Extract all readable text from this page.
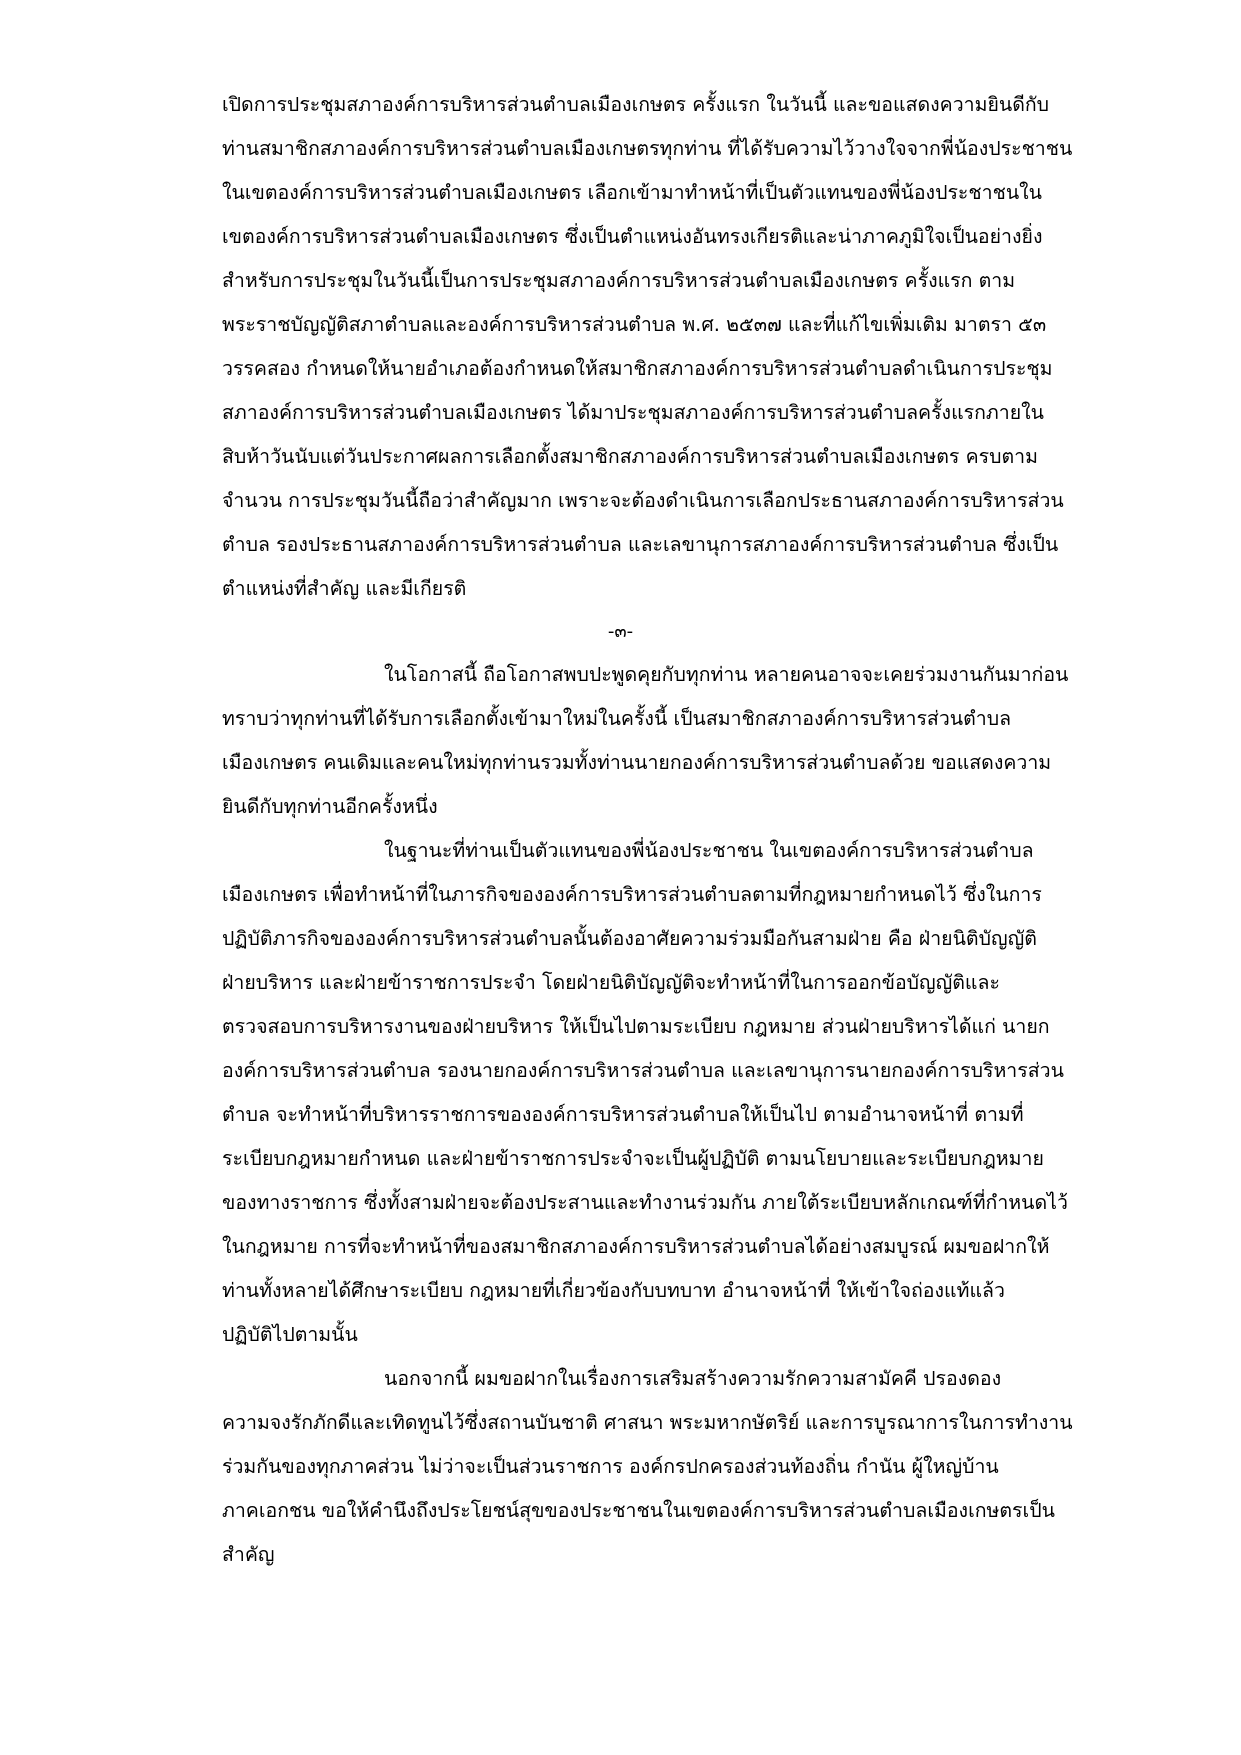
เปิดการประชุมสภาองค์การบริหารส่วนตำบลเมืองเกษตร ครั้งแรก ในวันนี้ และขอแสดงความยินดีกับ
ท่านสมาชิกสภาองค์การบริหารส่วนตำบลเมืองเกษตรทุกท่าน ที่ได้รับความไว้วางใจจากพี่น้องประชาชน
ในเขตองค์การบริหารส่วนตำบลเมืองเกษตร เลือกเข้ามาทำหน้าที่เป็นตัวแทนของพี่น้องประชาชนใน
เขตองค์การบริหารส่วนตำบลเมืองเกษตร ซึ่งเป็นตำแหน่งอันทรงเกียรติและน่าภาคภูมิใจเป็นอย่างยิ่ง
สำหรับการประชุมในวันนี้เป็นการประชุมสภาองค์การบริหารส่วนตำบลเมืองเกษตร ครั้งแรก ตาม
พระราชบัญญัติสภาตำบลและองค์การบริหารส่วนตำบล พ.ศ. ๒๕๓๗ และที่แก้ไขเพิ่มเติม มาตรา ๕๓
วรรคสอง กำหนดให้นายอำเภอต้องกำหนดให้สมาชิกสภาองค์การบริหารส่วนตำบลดำเนินการประชุม
สภาองค์การบริหารส่วนตำบลเมืองเกษตร ได้มาประชุมสภาองค์การบริหารส่วนตำบลครั้งแรกภายใน
สิบห้าวันนับแต่วันประกาศผลการเลือกตั้งสมาชิกสภาองค์การบริหารส่วนตำบลเมืองเกษตร ครบตาม
จำนวน การประชุมวันนี้ถือว่าสำคัญมาก เพราะจะต้องดำเนินการเลือกประธานสภาองค์การบริหารส่วน
ตำบล รองประธานสภาองค์การบริหารส่วนตำบล และเลขานุการสภาองค์การบริหารส่วนตำบล ซึ่งเป็น
ตำแหน่งที่สำคัญ และมีเกียรติ
-๓-
ในโอกาสนี้ ถือโอกาสพบปะพูดคุยกับทุกท่าน หลายคนอาจจะเคยร่วมงานกันมาก่อน
ทราบว่าทุกท่านที่ได้รับการเลือกตั้งเข้ามาใหม่ในครั้งนี้ เป็นสมาชิกสภาองค์การบริหารส่วนตำบล
เมืองเกษตร คนเดิมและคนใหม่ทุกท่านรวมทั้งท่านนายกองค์การบริหารส่วนตำบลด้วย ขอแสดงความ
ยินดีกับทุกท่านอีกครั้งหนึ่ง
ในฐานะที่ท่านเป็นตัวแทนของพี่น้องประชาชน ในเขตองค์การบริหารส่วนตำบล
เมืองเกษตร เพื่อทำหน้าที่ในภารกิจขององค์การบริหารส่วนตำบลตามที่กฎหมายกำหนดไว้ ซึ่งในการ
ปฏิบัติภารกิจขององค์การบริหารส่วนตำบลนั้นต้องอาศัยความร่วมมือกันสามฝ่าย คือ ฝ่ายนิติบัญญัติ
ฝ่ายบริหาร และฝ่ายข้าราชการประจำ โดยฝ่ายนิติบัญญัติจะทำหน้าที่ในการออกข้อบัญญัติและ
ตรวจสอบการบริหารงานของฝ่ายบริหาร ให้เป็นไปตามระเบียบ กฎหมาย ส่วนฝ่ายบริหารได้แก่ นายก
องค์การบริหารส่วนตำบล รองนายกองค์การบริหารส่วนตำบล และเลขานุการนายกองค์การบริหารส่วน
ตำบล จะทำหน้าที่บริหารราชการขององค์การบริหารส่วนตำบลให้เป็นไป ตามอำนาจหน้าที่ ตามที่
ระเบียบกฎหมายกำหนด และฝ่ายข้าราชการประจำจะเป็นผู้ปฏิบัติ ตามนโยบายและระเบียบกฎหมาย
ของทางราชการ ซึ่งทั้งสามฝ่ายจะต้องประสานและทำงานร่วมกัน ภายใต้ระเบียบหลักเกณฑ์ที่กำหนดไว้
ในกฎหมาย การที่จะทำหน้าที่ของสมาชิกสภาองค์การบริหารส่วนตำบลได้อย่างสมบูรณ์ ผมขอฝากให้
ท่านทั้งหลายได้ศึกษาระเบียบ กฎหมายที่เกี่ยวข้องกับบทบาท อำนาจหน้าที่ ให้เข้าใจถ่องแท้แล้ว
ปฏิบัติไปตามนั้น
นอกจากนี้ ผมขอฝากในเรื่องการเสริมสร้างความรักความสามัคคี ปรองดอง
ความจงรักภักดีและเทิดทูนไว้ซึ่งสถานบันชาติ ศาสนา พระมหากษัตริย์ และการบูรณาการในการทำงาน
ร่วมกันของทุกภาคส่วน ไม่ว่าจะเป็นส่วนราชการ องค์กรปกครองส่วนท้องถิ่น กำนัน ผู้ใหญ่บ้าน
ภาคเอกชน ขอให้คำนึงถึงประโยชน์สุขของประชาชนในเขตองค์การบริหารส่วนตำบลเมืองเกษตรเป็น
สำคัญ
